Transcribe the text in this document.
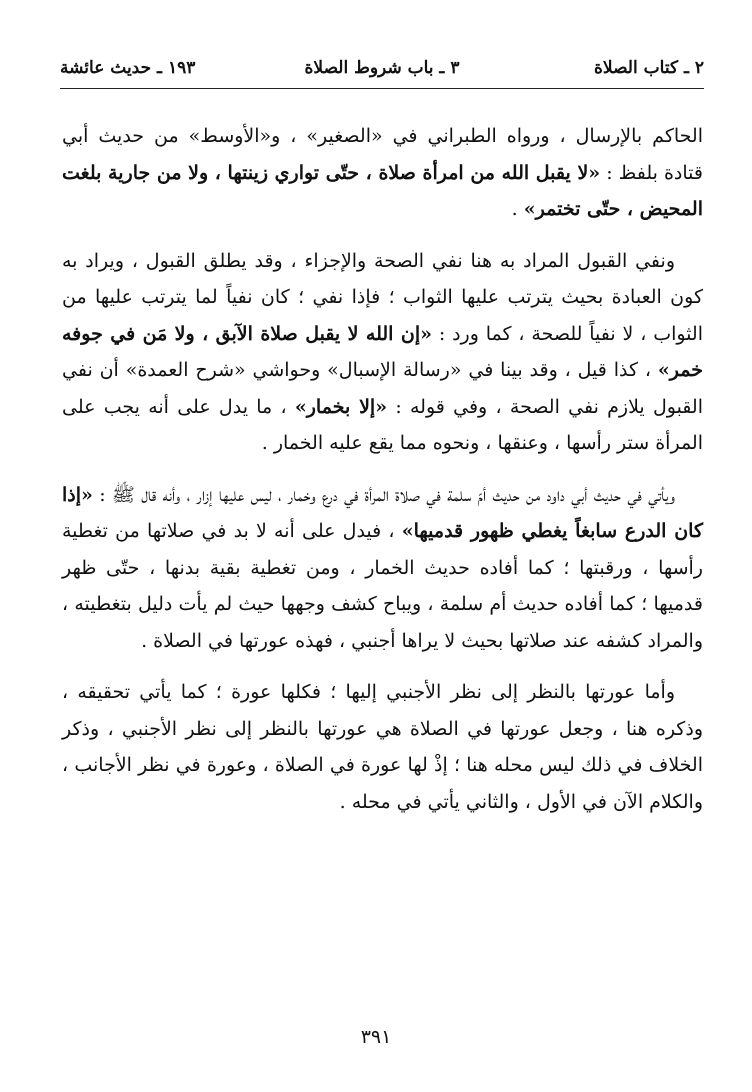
٢ ـ كتاب الصلاة
٣ ـ باب شروط الصلاة
١٩٣ ـ حديث عائشة

الحاكم بالإرسال ، ورواه الطبراني في «الصغير» ، و«الأوسط» من حديث أبي قتادة بلفظ : «لا يقبل الله من امرأة صلاة ، حتّى تواري زينتها ، ولا من جارية بلغت المحيض ، حتّى تختمر» .

ونفي القبول المراد به هنا نفي الصحة والإجزاء ، وقد يطلق القبول ، ويراد به كون العبادة بحيث يترتب عليها الثواب ؛ فإذا نفي ؛ كان نفياً لما يترتب عليها من الثواب ، لا نفياً للصحة ، كما ورد : «إن الله لا يقبل صلاة الآبق ، ولا مَن في جوفه خمر» ، كذا قيل ، وقد بينا في «رسالة الإسبال» وحواشي «شرح العمدة» أن نفي القبول يلازم نفي الصحة ، وفي قوله : «إلا بخمار» ، ما يدل على أنه يجب على المرأة ستر رأسها ، وعنقها ، ونحوه مما يقع عليه الخمار .

ويأتي في حديث أبي داود من حديث أمّ سلمة في صلاة المرأة في درع وخمار ، ليس عليها إزار ، وأنه قال ﷺ : «إذا كان الدرع سابغاً يغطي ظهور قدميها» ، فيدل على أنه لا بد في صلاتها من تغطية رأسها ، ورقبتها ؛ كما أفاده حديث الخمار ، ومن تغطية بقية بدنها ، حتّى ظهر قدميها ؛ كما أفاده حديث أم سلمة ، ويباح كشف وجهها حيث لم يأت دليل بتغطيته ، والمراد كشفه عند صلاتها بحيث لا يراها أجنبي ، فهذه عورتها في الصلاة .

وأما عورتها بالنظر إلى نظر الأجنبي إليها ؛ فكلها عورة ؛ كما يأتي تحقيقه ، وذكره هنا ، وجعل عورتها في الصلاة هي عورتها بالنظر إلى نظر الأجنبي ، وذكر الخلاف في ذلك ليس محله هنا ؛ إذْ لها عورة في الصلاة ، وعورة في نظر الأجانب ، والكلام الآن في الأول ، والثاني يأتي في محله .

٣٩١
